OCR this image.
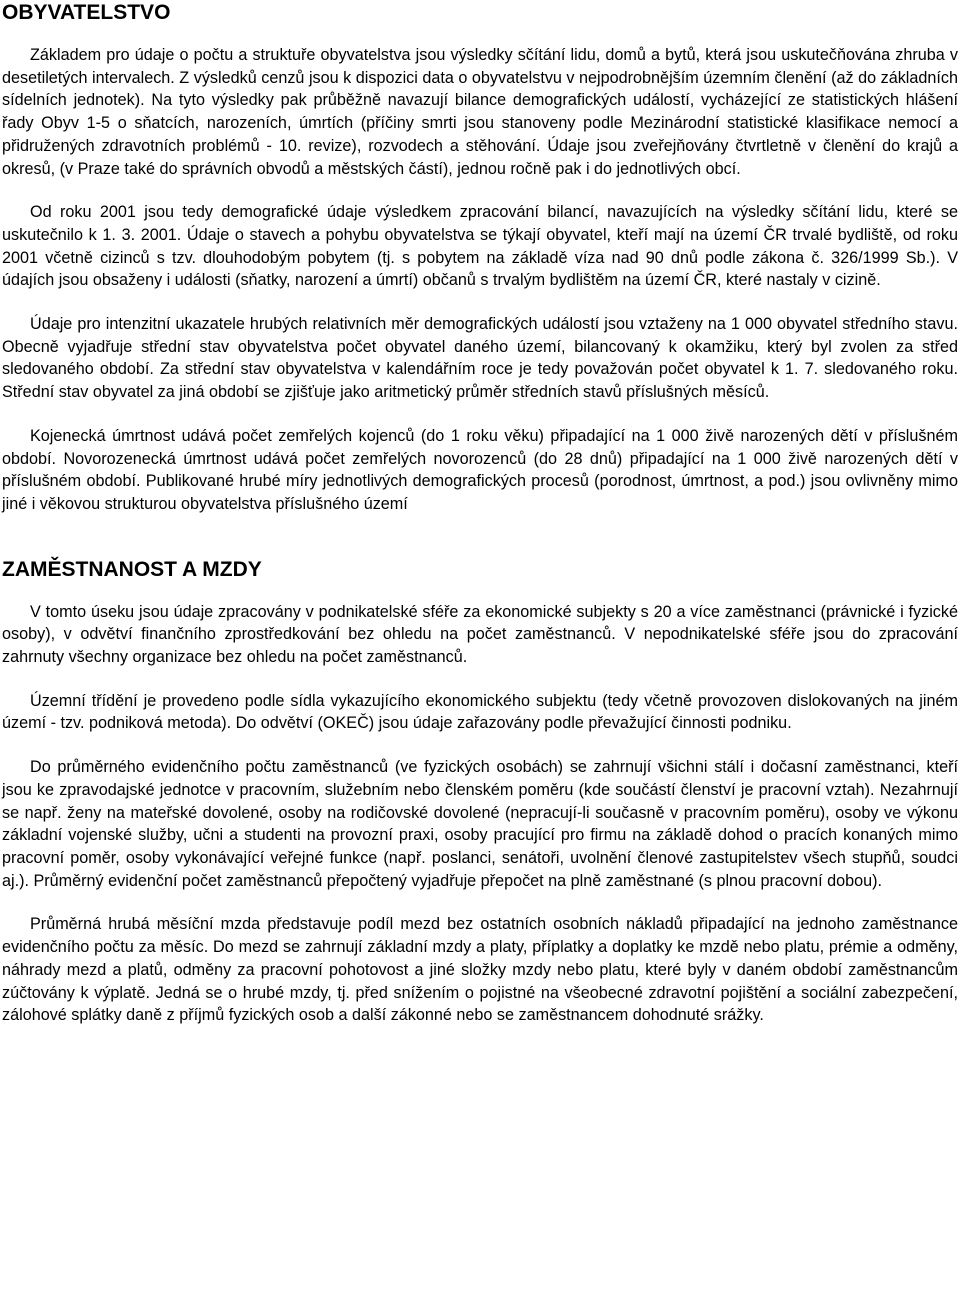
OBYVATELSTVO

Základem pro údaje o počtu a struktuře obyvatelstva jsou výsledky sčítání lidu, domů a bytů, která jsou uskutečňována zhruba v desetiletých intervalech. Z výsledků cenzů jsou k dispozici data o obyvatelstvu v nejpodrobnějším územním členění (až do základních sídelních jednotek). Na tyto výsledky pak průběžně navazují bilance demografických událostí, vycházející ze statistických hlášení řady Obyv 1-5 o sňatcích, narozeních, úmrtích (příčiny smrti jsou stanoveny podle Mezinárodní statistické klasifikace nemocí a přidružených zdravotních problémů - 10. revize), rozvodech a stěhování. Údaje jsou zveřejňovány čtvrtletně v členění do krajů a okresů, (v Praze také do správních obvodů a městských částí), jednou ročně pak i do jednotlivých obcí.

Od roku 2001 jsou tedy demografické údaje výsledkem zpracování bilancí, navazujících na výsledky sčítání lidu, které se uskutečnilo k 1. 3. 2001. Údaje o stavech a pohybu obyvatelstva se týkají obyvatel, kteří mají na území ČR trvalé bydliště, od roku 2001 včetně cizinců s tzv. dlouhodobým pobytem (tj. s pobytem na základě víza nad 90 dnů podle zákona č. 326/1999 Sb.). V údajích jsou obsaženy i události (sňatky, narození a úmrtí) občanů s trvalým bydlištěm na území ČR, které nastaly v cizině.

Údaje pro intenzitní ukazatele hrubých relativních měr demografických událostí jsou vztaženy na 1 000 obyvatel středního stavu. Obecně vyjadřuje střední stav obyvatelstva počet obyvatel daného území, bilancovaný k okamžiku, který byl zvolen za střed sledovaného období. Za střední stav obyvatelstva v kalendářním roce je tedy považován počet obyvatel k 1. 7. sledovaného roku. Střední stav obyvatel za jiná období se zjišťuje jako aritmetický průměr středních stavů příslušných měsíců.

Kojenecká úmrtnost udává počet zemřelých kojenců (do 1 roku věku) připadající na 1 000 živě narozených dětí v příslušném období. Novorozenecká úmrtnost udává počet zemřelých novorozenců (do 28 dnů) připadající na 1 000 živě narozených dětí v příslušném období. Publikované hrubé míry jednotlivých demografických procesů (porodnost, úmrtnost, a pod.) jsou ovlivněny mimo jiné i věkovou strukturou obyvatelstva příslušného území

ZAMĚSTNANOST A MZDY

V tomto úseku jsou údaje zpracovány v podnikatelské sféře za ekonomické subjekty s 20 a více zaměstnanci (právnické i fyzické osoby), v odvětví finančního zprostředkování bez ohledu na počet zaměstnanců. V nepodnikatelské sféře jsou do zpracování zahrnuty všechny organizace bez ohledu na počet zaměstnanců.

Územní třídění je provedeno podle sídla vykazujícího ekonomického subjektu (tedy včetně provozoven dislokovaných na jiném území - tzv. podniková metoda). Do odvětví (OKEČ) jsou údaje zařazovány podle převažující činnosti podniku.

Do průměrného evidenčního počtu zaměstnanců (ve fyzických osobách) se zahrnují všichni stálí i dočasní zaměstnanci, kteří jsou ke zpravodajské jednotce v pracovním, služebním nebo členském poměru (kde součástí členství je pracovní vztah). Nezahrnují se např. ženy na mateřské dovolené, osoby na rodičovské dovolené (nepracují-li současně v pracovním poměru), osoby ve výkonu základní vojenské služby, učni a studenti na provozní praxi, osoby pracující pro firmu na základě dohod o pracích konaných mimo pracovní poměr, osoby vykonávající veřejné funkce (např. poslanci, senátoři, uvolnění členové zastupitelstev všech stupňů, soudci aj.). Průměrný evidenční počet zaměstnanců přepočtený vyjadřuje přepočet na plně zaměstnané (s plnou pracovní dobou).

Průměrná hrubá měsíční mzda představuje podíl mezd bez ostatních osobních nákladů připadající na jednoho zaměstnance evidenčního počtu za měsíc. Do mezd se zahrnují základní mzdy a platy, příplatky a doplatky ke mzdě nebo platu, prémie a odměny, náhrady mezd a platů, odměny za pracovní pohotovost a jiné složky mzdy nebo platu, které byly v daném období zaměstnancům zúčtovány k výplatě. Jedná se o hrubé mzdy, tj. před snížením o pojistné na všeobecné zdravotní pojištění a sociální zabezpečení, zálohové splátky daně z příjmů fyzických osob a další zákonné nebo se zaměstnancem dohodnuté srážky.
